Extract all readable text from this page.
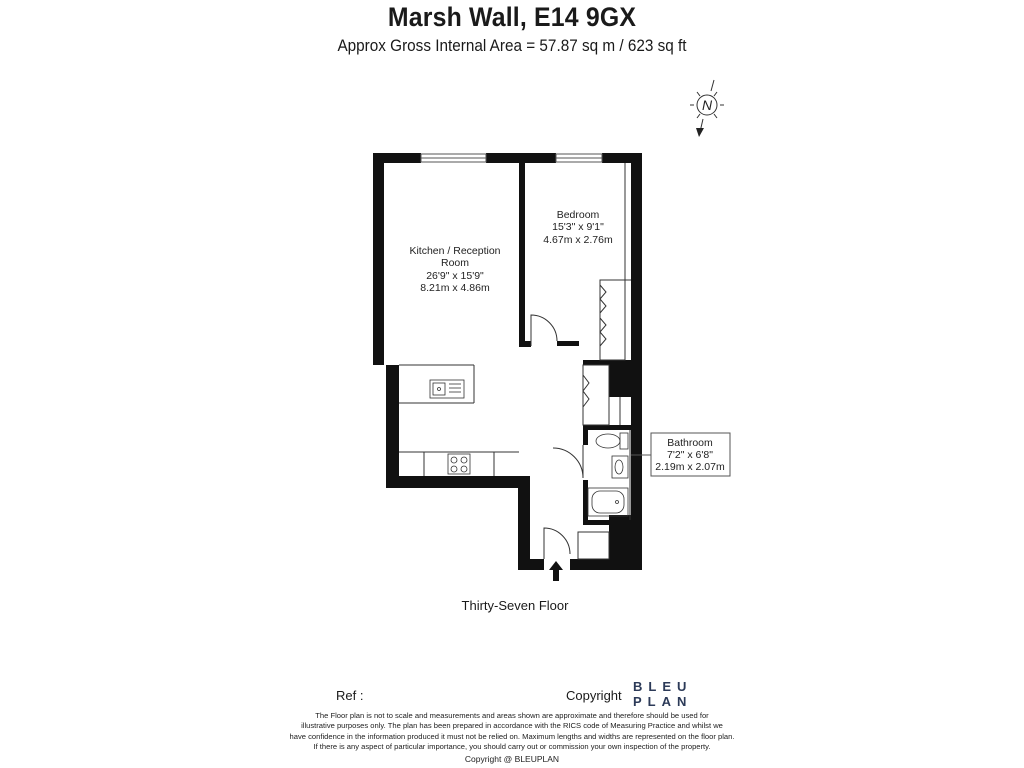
Marsh Wall, E14 9GX
Approx Gross Internal Area = 57.87 sq m / 623 sq ft
N
Kitchen / Reception
Room
26'9" x 15'9"
8.21m x 4.86m
Bedroom
15'3" x 9'1"
4.67m x 2.76m
Bathroom
7'2" x 6'8"
2.19m x 2.07m
Thirty-Seven Floor
Ref :	Copyright
BLEU
PLAN
The Floor plan is not to scale and measurements and areas shown are approximate and therefore should be used for
illustrative purposes only. The plan has been prepared in accordance with the RICS code of Measuring Practice and whilst we
have confidence in the information produced it must not be relied on. Maximum lengths and widths are represented on the floor plan.
If there is any aspect of particular importance, you should carry out or commission your own inspection of the property.
Copyright @ BLEUPLAN
